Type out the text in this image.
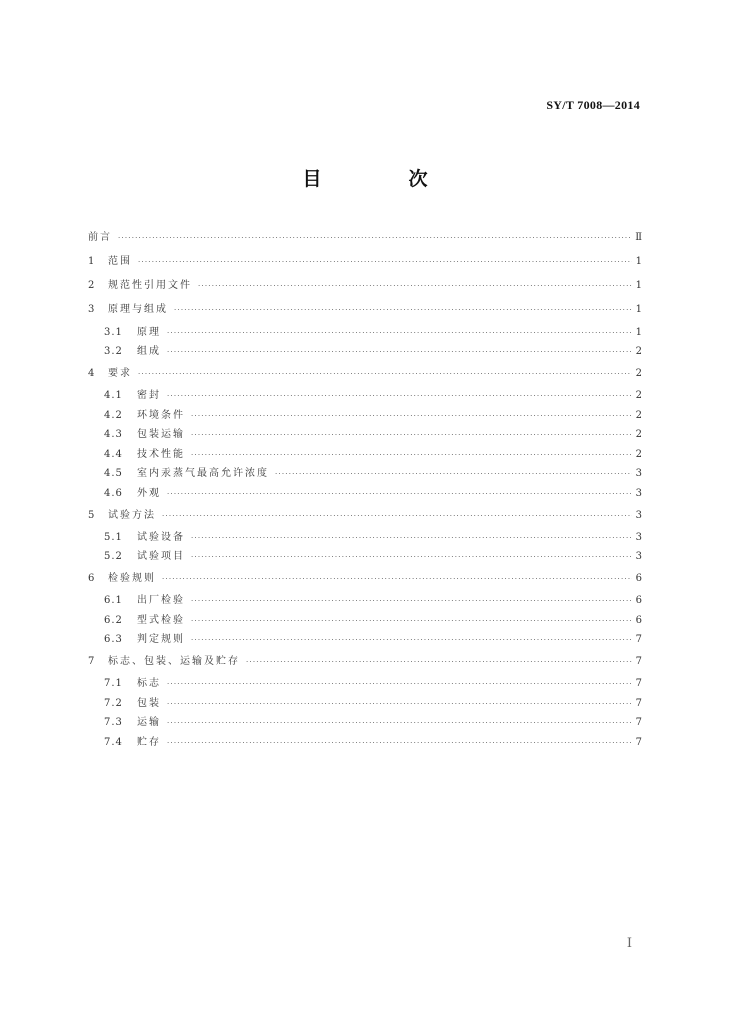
SY/T 7008—2014
目　次
前言 ·····	Ⅱ
1	范围 ·····	1
2	规范性引用文件 ·····	1
3	原理与组成 ·····	1
3.1	原理 ·····	1
3.2	组成 ·····	2
4	要求 ·····	2
4.1	密封 ·····	2
4.2	环境条件 ·····	2
4.3	包装运输 ·····	2
4.4	技术性能 ·····	2
4.5	室内汞蒸气最高允许浓度 ·····	3
4.6	外观 ·····	3
5	试验方法 ·····	3
5.1	试验设备 ·····	3
5.2	试验项目 ·····	3
6	检验规则 ·····	6
6.1	出厂检验 ·····	6
6.2	型式检验 ·····	6
6.3	判定规则 ·····	7
7	标志、包装、运输及贮存 ·····	7
7.1	标志 ·····	7
7.2	包装 ·····	7
7.3	运输 ·····	7
7.4	贮存 ·····	7
Ⅰ
